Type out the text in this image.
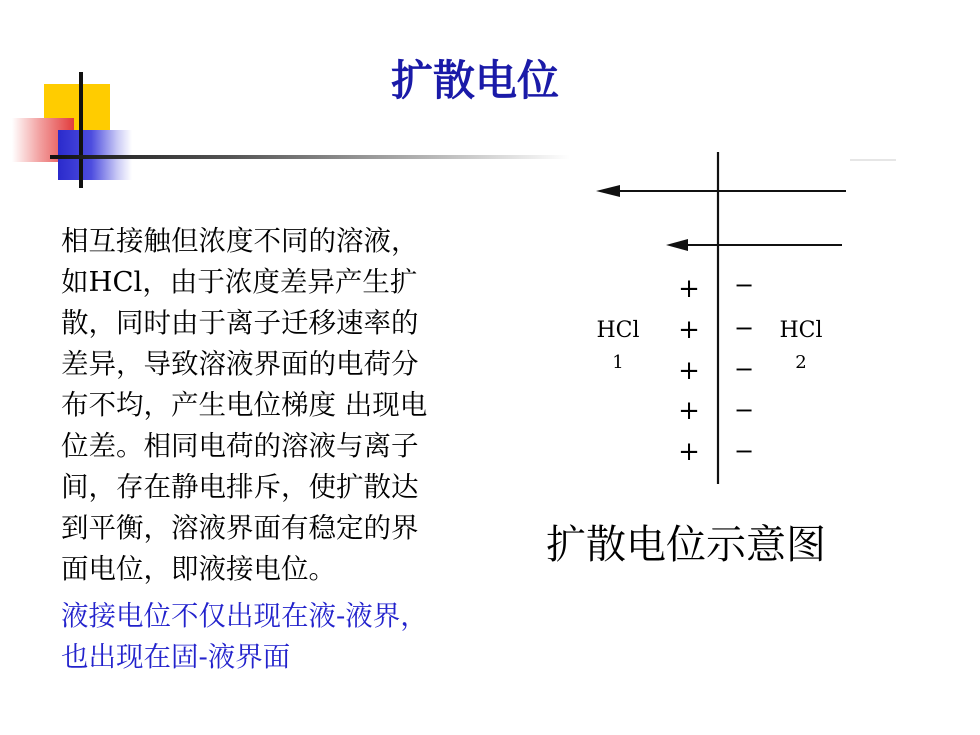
扩散电位

相互接触但浓度不同的溶液，
如HCl，由于浓度差异产生扩
散，同时由于离子迁移速率的
差异，导致溶液界面的电荷分
布不均，产生电位梯度 出现电
位差。相同电荷的溶液与离子
间，存在静电排斥，使扩散达
到平衡，溶液界面有稳定的界
面电位，即液接电位。

液接电位不仅出现在液-液界，
也出现在固-液界面

+
+
+
+
+
−
−
−
−
−
HCl
1
HCl
2
扩散电位示意图
